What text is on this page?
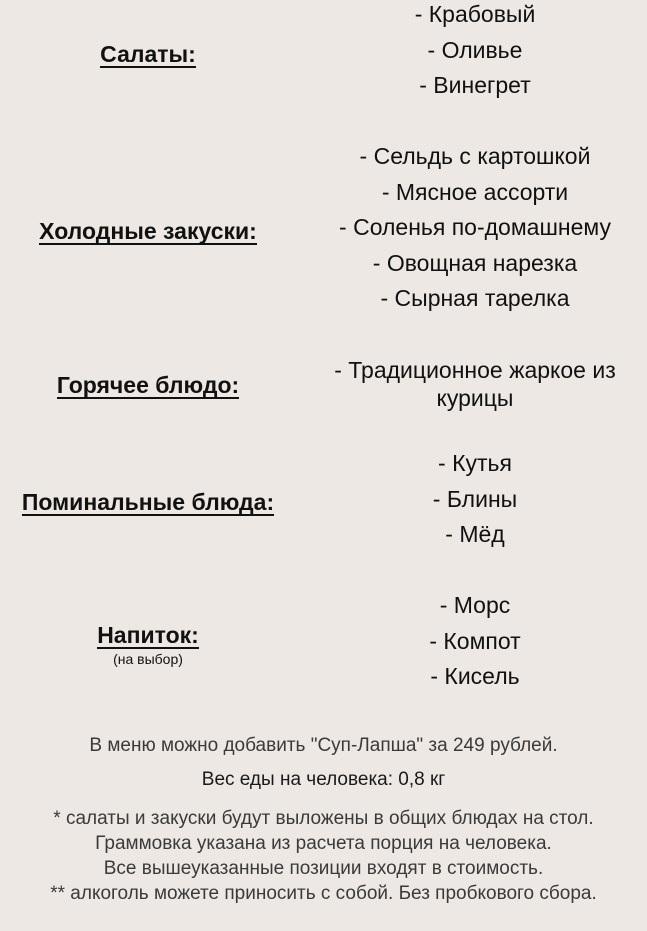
Салаты:
- Крабовый
- Оливье
- Винегрет
Холодные закуски:
- Сельдь с картошкой
- Мясное ассорти
- Соленья по-домашнему
- Овощная нарезка
- Сырная тарелка
Горячее блюдо:
- Традиционное жаркое из курицы
Поминальные блюда:
- Кутья
- Блины
- Мёд
Напиток:
(на выбор)
- Морс
- Компот
- Кисель
В меню можно добавить "Суп-Лапша" за 249 рублей.
Вес еды на человека: 0,8 кг
* салаты и закуски будут выложены в общих блюдах на стол. Граммовка указана из расчета порция на человека.
Все вышеуказанные позиции входят в стоимость.
** алкоголь можете приносить с собой. Без пробкового сбора.
